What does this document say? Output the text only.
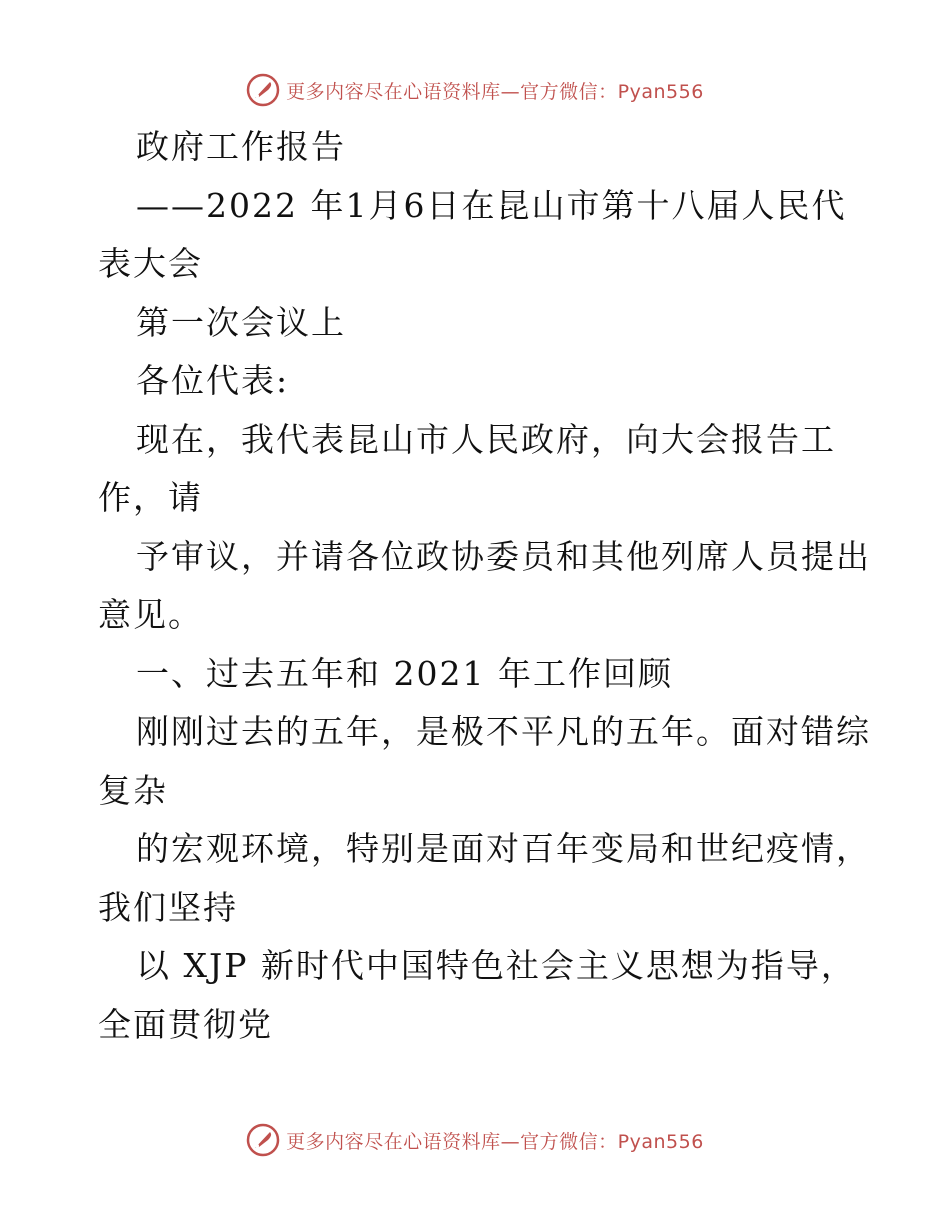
更多内容尽在心语资料库—官方微信：Pyan556
政府工作报告
——2022 年1月6日在昆山市第十八届人民代
表大会
第一次会议上
各位代表:
现在，我代表昆山市人民政府，向大会报告工
作，请
予审议，并请各位政协委员和其他列席人员提出
意见。
一、过去五年和 2021 年工作回顾
刚刚过去的五年，是极不平凡的五年。面对错综
复杂
的宏观环境，特别是面对百年变局和世纪疫情，
我们坚持
以 XJP 新时代中国特色社会主义思想为指导，
全面贯彻党
更多内容尽在心语资料库—官方微信：Pyan556
